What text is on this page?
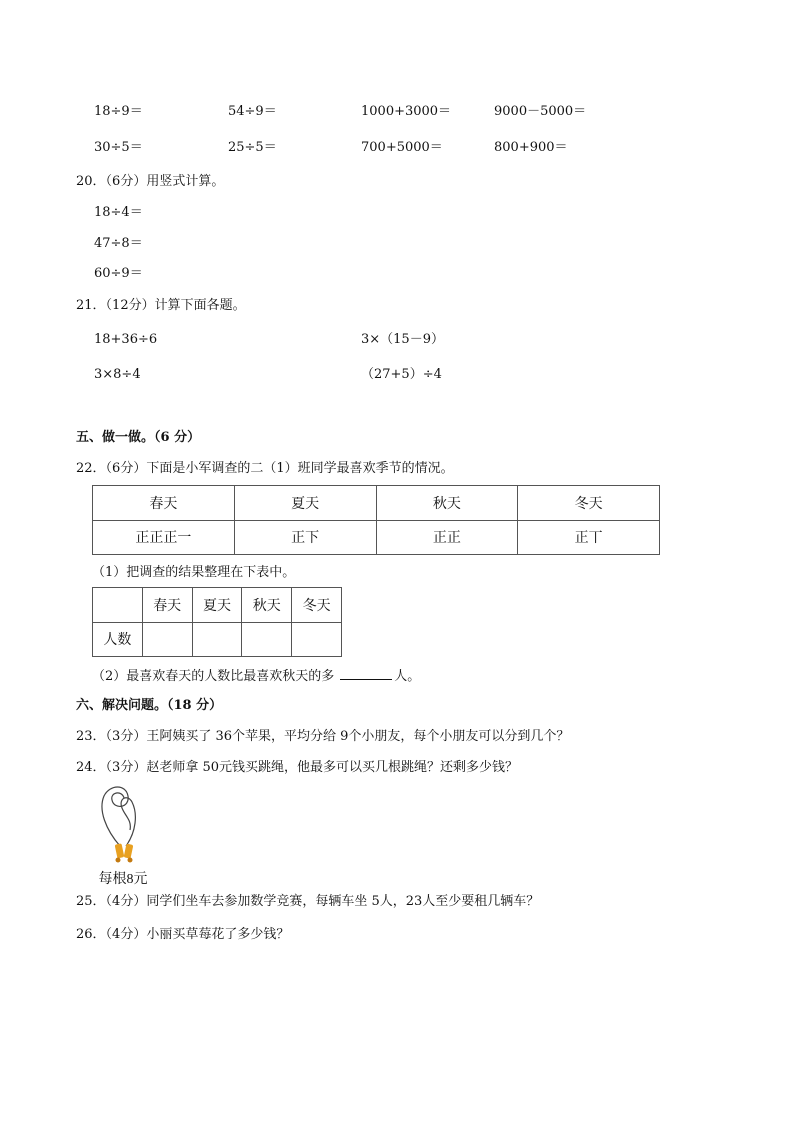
18÷9＝	54÷9＝	1000+3000＝	9000－5000＝
30÷5＝	25÷5＝	700+5000＝	800+900＝
20．（6分）用竖式计算。
18÷4＝
47÷8＝
60÷9＝
21．（12分）计算下面各题。
18+36÷6	3×（15－9）
3×8÷4	（27+5）÷4
五、做一做。（6 分）
22．（6分）下面是小军调查的二（1）班同学最喜欢季节的情况。
春天	夏天	秋天	冬天
正正正一	正下	正正	正丅
（1）把调查的结果整理在下表中。
	春天	夏天	秋天	冬天
人数				
（2）最喜欢春天的人数比最喜欢秋天的多	人。
六、解决问题。（18 分）
23．（3分）王阿姨买了 36个苹果，平均分给 9个小朋友，每个小朋友可以分到几个？
24．（3分）赵老师拿 50元钱买跳绳，他最多可以买几根跳绳？还剩多少钱？
每根8元
25．（4分）同学们坐车去参加数学竞赛，每辆车坐 5人，23人至少要租几辆车？
26．（4分）小丽买草莓花了多少钱？
